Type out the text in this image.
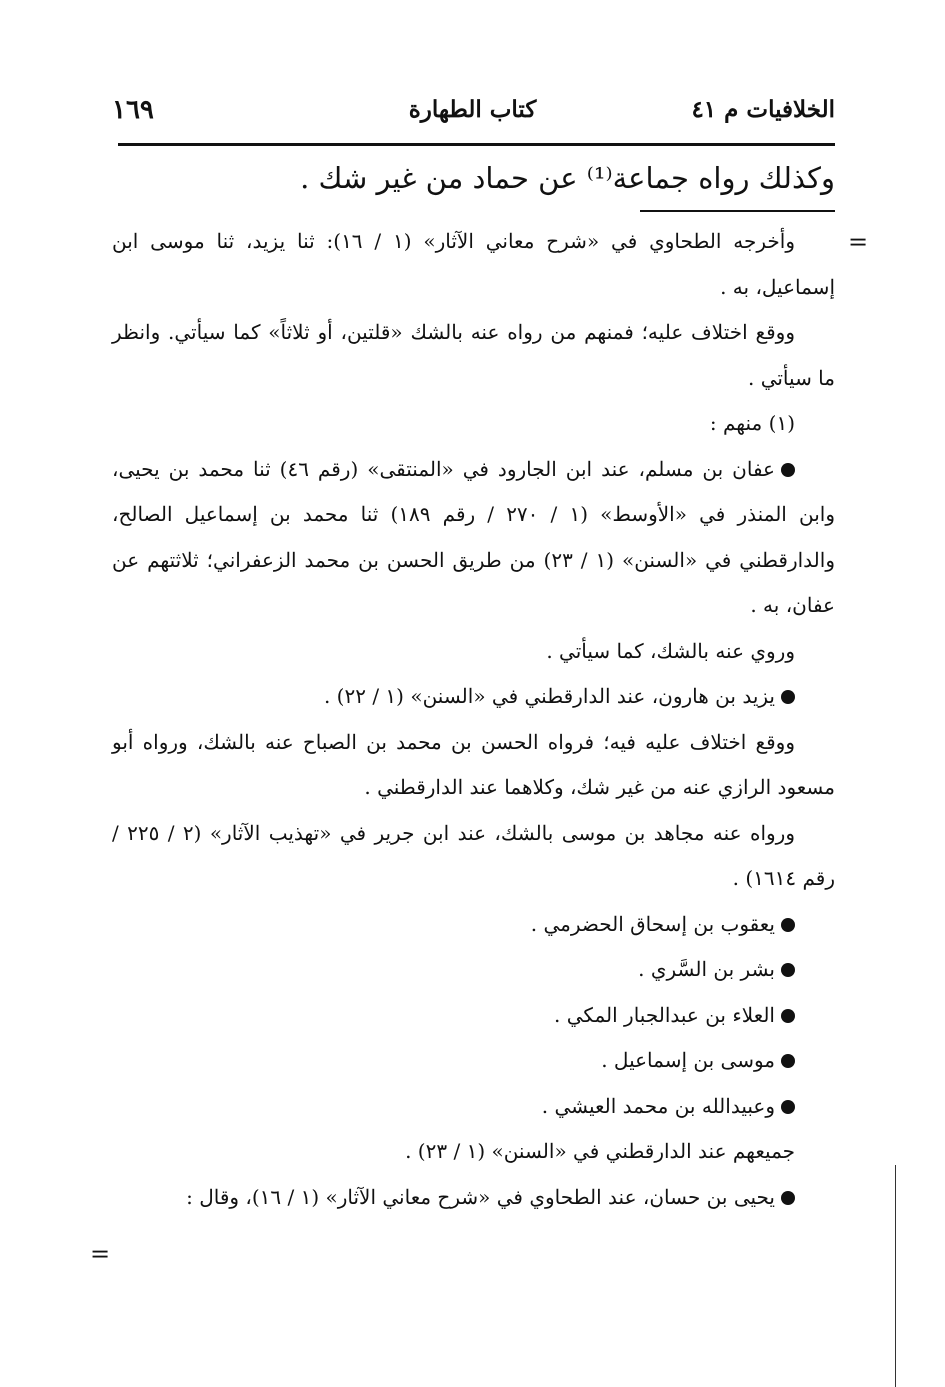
الخلافيات م ٤١
كتاب الطهارة
١٦٩
وكذلك رواه جماعة⁽¹⁾ عن حماد من غير شك .
=

وأخرجه الطحاوي في «شرح معاني الآثار» (١ / ١٦): ثنا يزيد، ثنا موسى ابن إسماعيل، به .

ووقع اختلاف عليه؛ فمنهم من رواه عنه بالشك «قلتين، أو ثلاثاً» كما سيأتي. وانظر ما سيأتي .

(١) منهم :

عفان بن مسلم، عند ابن الجارود في «المنتقى» (رقم ٤٦) ثنا محمد بن يحيى، وابن المنذر في «الأوسط» (١ / ٢٧٠ / رقم ١٨٩) ثنا محمد بن إسماعيل الصالح، والدارقطني في «السنن» (١ / ٢٣) من طريق الحسن بن محمد الزعفراني؛ ثلاثتهم عن عفان، به .

وروي عنه بالشك، كما سيأتي .

يزيد بن هارون، عند الدارقطني في «السنن» (١ / ٢٢) .

ووقع اختلاف عليه فيه؛ فرواه الحسن بن محمد بن الصباح عنه بالشك، ورواه أبو مسعود الرازي عنه من غير شك، وكلاهما عند الدارقطني .

ورواه عنه مجاهد بن موسى بالشك، عند ابن جرير في «تهذيب الآثار» (٢ / ٢٢٥ / رقم ١٦١٤) .

يعقوب بن إسحاق الحضرمي .

بشر بن السَّري .

العلاء بن عبدالجبار المكي .

موسى بن إسماعيل .

وعبيدالله بن محمد العيشي .

جميعهم عند الدارقطني في «السنن» (١ / ٢٣) .

يحيى بن حسان، عند الطحاوي في «شرح معاني الآثار» (١ / ١٦)، وقال :

=
